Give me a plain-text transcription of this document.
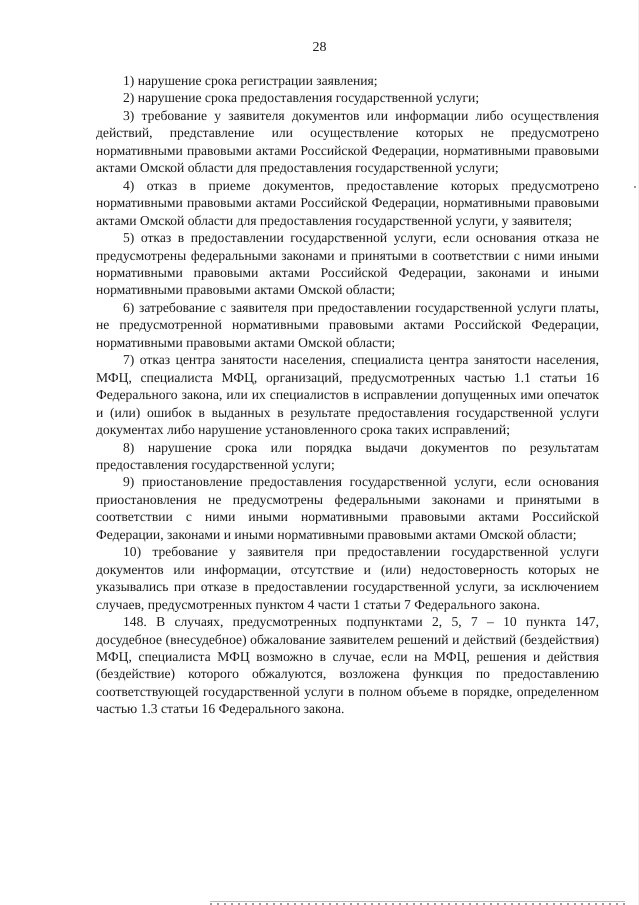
28

1) нарушение срока регистрации заявления;

2) нарушение срока предоставления государственной услуги;

3) требование у заявителя документов или информации либо осуществления действий, представление или осуществление которых не предусмотрено нормативными правовыми актами Российской Федерации, нормативными правовыми актами Омской области для предоставления государственной услуги;

4) отказ в приеме документов, предоставление которых предусмотрено нормативными правовыми актами Российской Федерации, нормативными правовыми актами Омской области для предоставления государственной услуги, у заявителя;

5) отказ в предоставлении государственной услуги, если основания отказа не предусмотрены федеральными законами и принятыми в соответствии с ними иными нормативными правовыми актами Российской Федерации, законами и иными нормативными правовыми актами Омской области;

6) затребование с заявителя при предоставлении государственной услуги платы, не предусмотренной нормативными правовыми актами Российской Федерации, нормативными правовыми актами Омской области;

7) отказ центра занятости населения, специалиста центра занятости населения, МФЦ, специалиста МФЦ, организаций, предусмотренных частью 1.1 статьи 16 Федерального закона, или их специалистов в исправлении допущенных ими опечаток и (или) ошибок в выданных в результате предоставления государственной услуги документах либо нарушение установленного срока таких исправлений;

8) нарушение срока или порядка выдачи документов по результатам предоставления государственной услуги;

9) приостановление предоставления государственной услуги, если основания приостановления не предусмотрены федеральными законами и принятыми в соответствии с ними иными нормативными правовыми актами Российской Федерации, законами и иными нормативными правовыми актами Омской области;

10) требование у заявителя при предоставлении государственной услуги документов или информации, отсутствие и (или) недостоверность которых не указывались при отказе в предоставлении государственной услуги, за исключением случаев, предусмотренных пунктом 4 части 1 статьи 7 Федерального закона.

148. В случаях, предусмотренных подпунктами 2, 5, 7 – 10 пункта 147, досудебное (внесудебное) обжалование заявителем решений и действий (бездействия) МФЦ, специалиста МФЦ возможно в случае, если на МФЦ, решения и действия (бездействие) которого обжалуются, возложена функция по предоставлению соответствующей государственной услуги в полном объеме в порядке, определенном частью 1.3 статьи 16 Федерального закона.
